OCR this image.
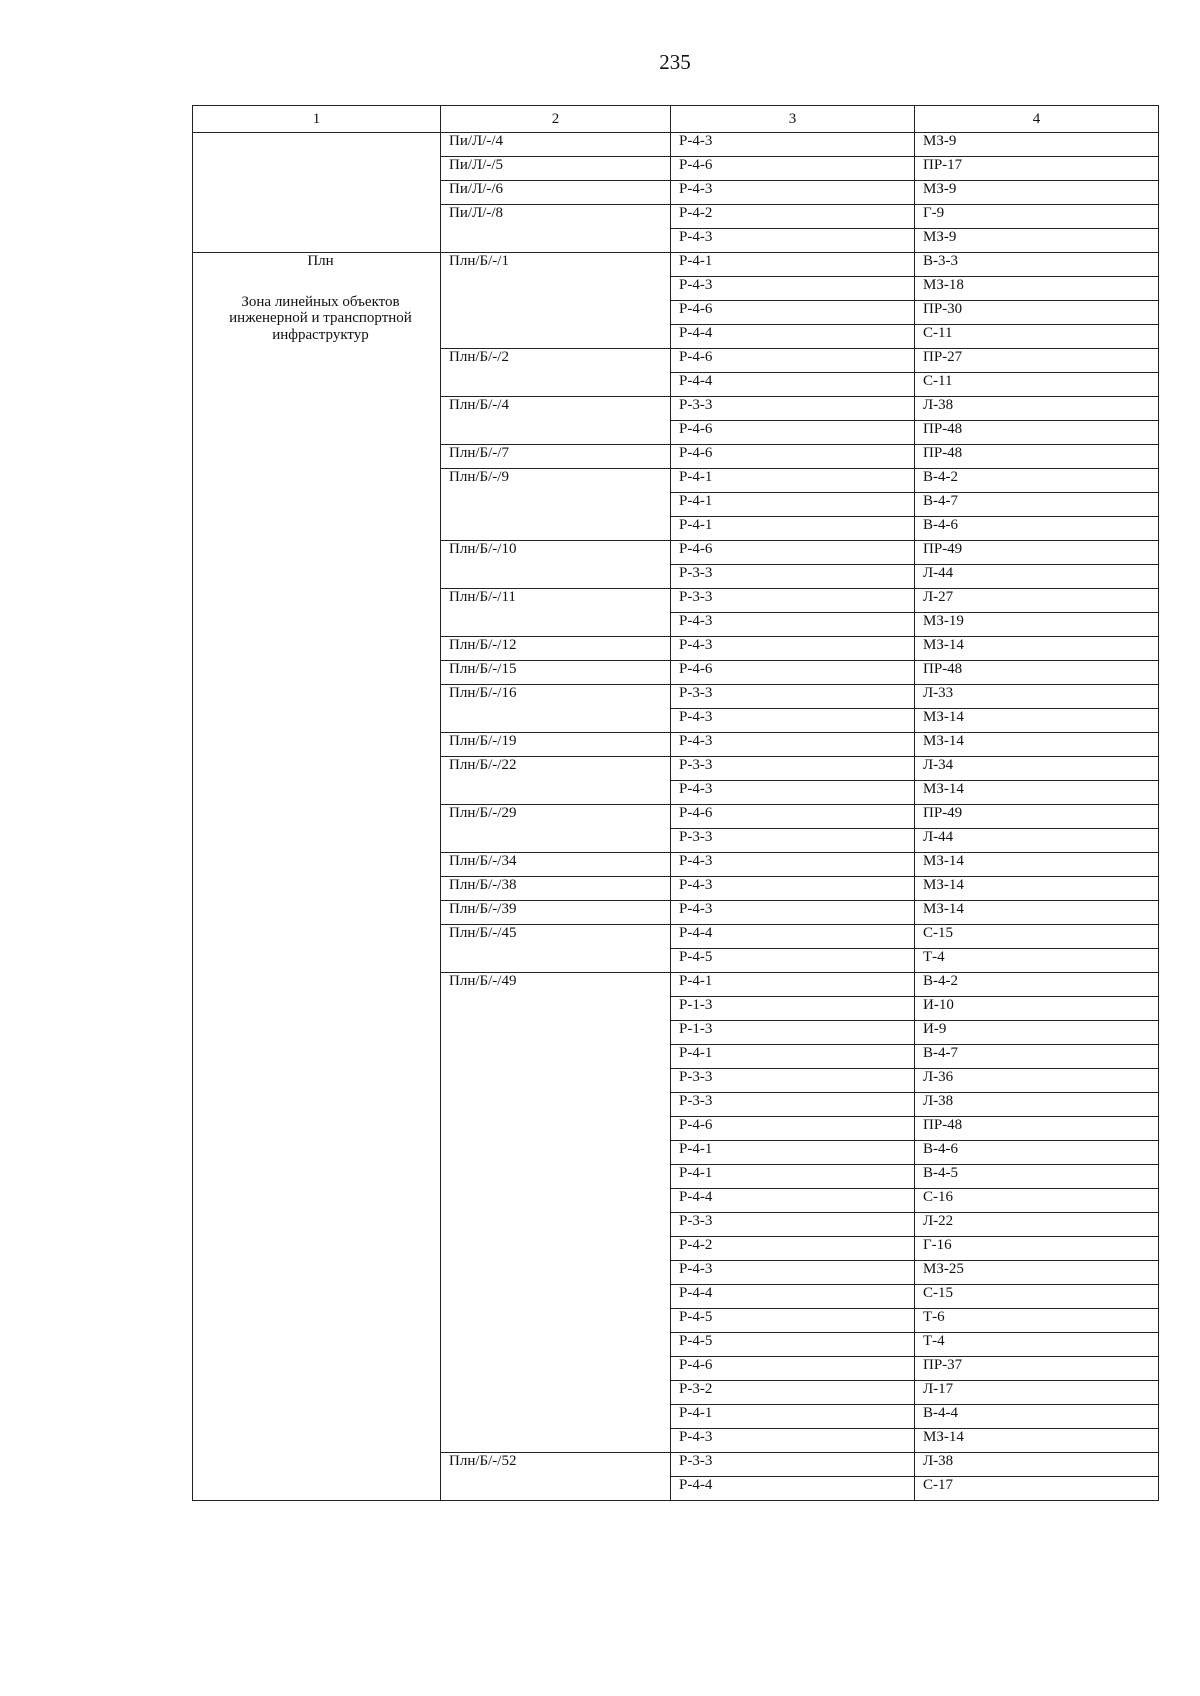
235
1	2	3	4
	Пи/Л/-/4	Р-4-3	МЗ-9
	Пи/Л/-/5	Р-4-6	ПР-17
	Пи/Л/-/6	Р-4-3	МЗ-9
	Пи/Л/-/8	Р-4-2	Г-9
		Р-4-3	МЗ-9

Плн
Зона линейных объектов инженерной и транспортной инфраструктур	Плн/Б/-/1	Р-4-1	В-3-3
		Р-4-3	МЗ-18
		Р-4-6	ПР-30
		Р-4-4	С-11
	Плн/Б/-/2	Р-4-6	ПР-27
		Р-4-4	С-11
	Плн/Б/-/4	Р-3-3	Л-38
		Р-4-6	ПР-48
	Плн/Б/-/7	Р-4-6	ПР-48
	Плн/Б/-/9	Р-4-1	В-4-2
		Р-4-1	В-4-7
		Р-4-1	В-4-6
	Плн/Б/-/10	Р-4-6	ПР-49
		Р-3-3	Л-44
	Плн/Б/-/11	Р-3-3	Л-27
		Р-4-3	МЗ-19
	Плн/Б/-/12	Р-4-3	МЗ-14
	Плн/Б/-/15	Р-4-6	ПР-48
	Плн/Б/-/16	Р-3-3	Л-33
		Р-4-3	МЗ-14
	Плн/Б/-/19	Р-4-3	МЗ-14
	Плн/Б/-/22	Р-3-3	Л-34
		Р-4-3	МЗ-14
	Плн/Б/-/29	Р-4-6	ПР-49
		Р-3-3	Л-44
	Плн/Б/-/34	Р-4-3	МЗ-14
	Плн/Б/-/38	Р-4-3	МЗ-14
	Плн/Б/-/39	Р-4-3	МЗ-14
	Плн/Б/-/45	Р-4-4	С-15
		Р-4-5	Т-4
	Плн/Б/-/49	Р-4-1	В-4-2
		Р-1-3	И-10
		Р-1-3	И-9
		Р-4-1	В-4-7
		Р-3-3	Л-36
		Р-3-3	Л-38
		Р-4-6	ПР-48
		Р-4-1	В-4-6
		Р-4-1	В-4-5
		Р-4-4	С-16
		Р-3-3	Л-22
		Р-4-2	Г-16
		Р-4-3	МЗ-25
		Р-4-4	С-15
		Р-4-5	Т-6
		Р-4-5	Т-4
		Р-4-6	ПР-37
		Р-3-2	Л-17
		Р-4-1	В-4-4
		Р-4-3	МЗ-14
	Плн/Б/-/52	Р-3-3	Л-38
		Р-4-4	С-17
